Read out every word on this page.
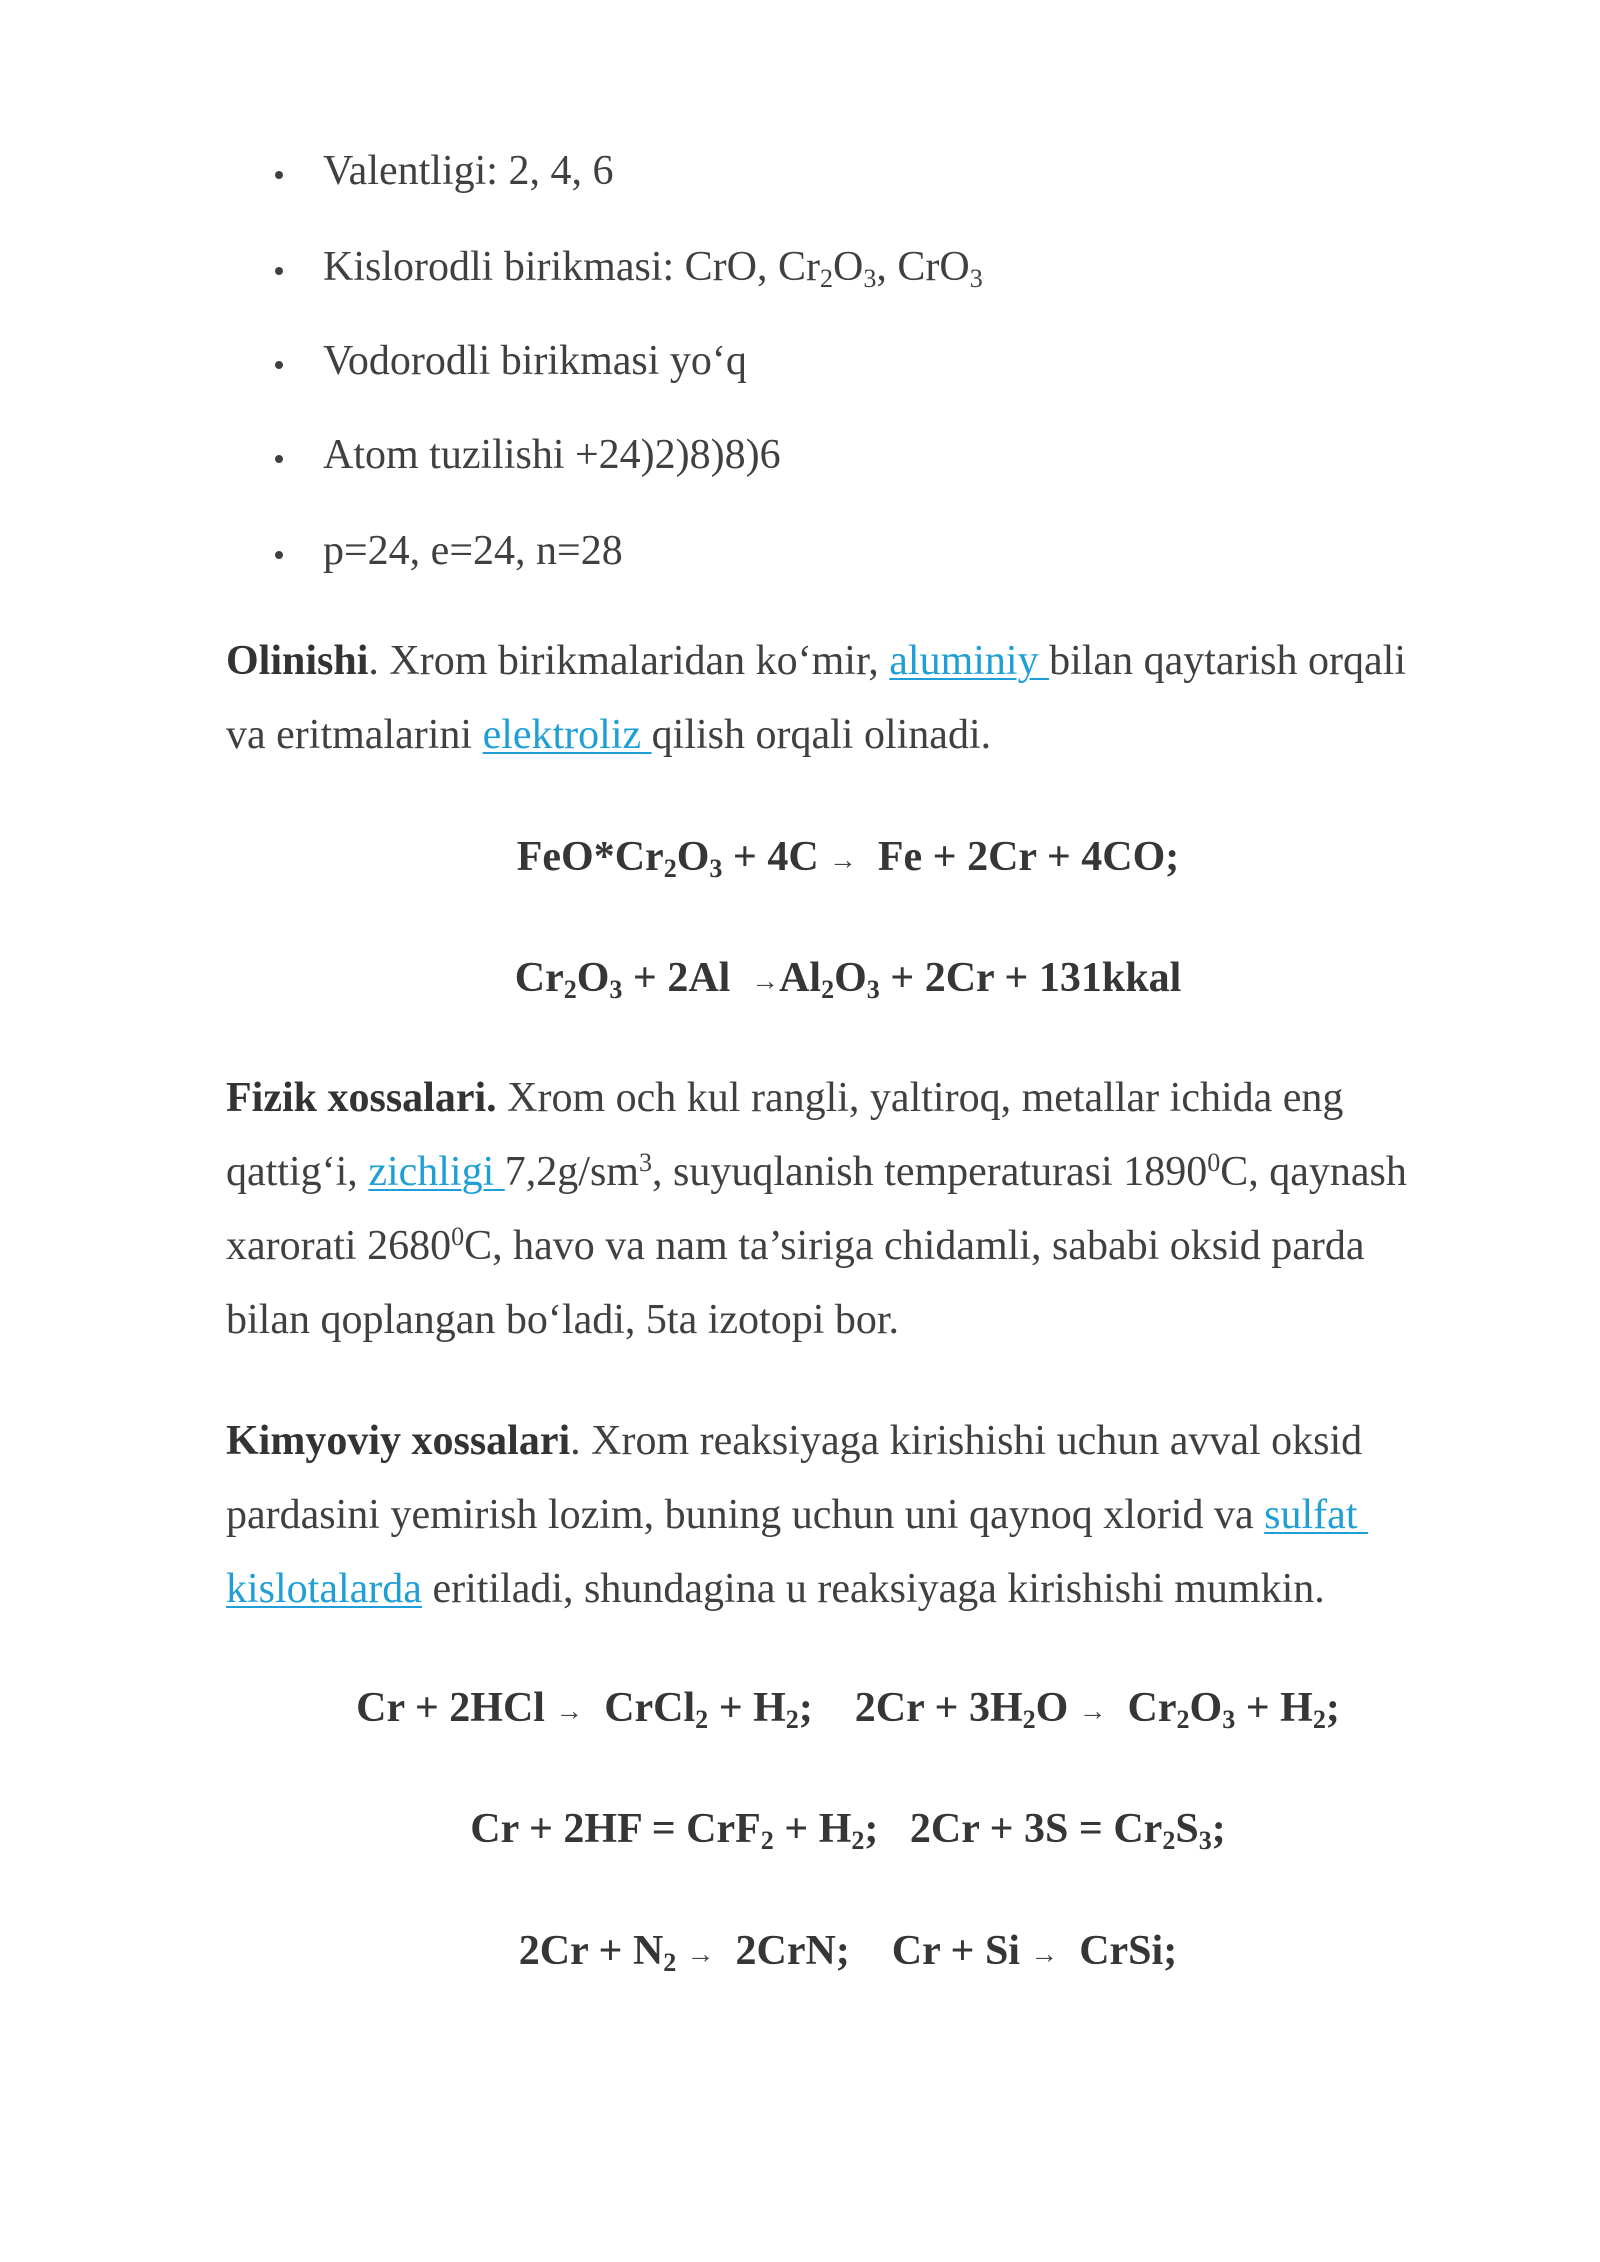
Valentligi: 2, 4, 6

Kislorodli birikmasi: CrO, Cr2O3, CrO3

Vodorodli birikmasi yo‘q

Atom tuzilishi +24)2)8)8)6

p=24, e=24, n=28

Olinishi. Xrom birikmalaridan ko‘mir, aluminiy bilan qaytarish orqali
va eritmalarini elektroliz qilish orqali olinadi.
FeO*Cr2O3 + 4C →  Fe + 2Cr + 4CO;
Cr2O3 + 2Al  →Al2O3 + 2Cr + 131kkal
Fizik xossalari. Xrom och kul rangli, yaltiroq, metallar ichida eng
qattig‘i, zichligi $7,2g/sm^3$, suyuqlanish temperaturasi 1890$^0$C, qaynash
xarorati 2680$^0$C, havo va nam ta’siriga chidamli, sababi oksid parda
bilan qoplangan bo‘ladi, 5ta izotopi bor.
Kimyoviy xossalari. Xrom reaksiyaga kirishishi uchun avval oksid
pardasini yemirish lozim, buning uchun uni qaynoq xlorid va sulfat
kislotalarda eritiladi, shundagina u reaksiyaga kirishishi mumkin.
Cr + 2HCl →  CrCl2 + H2;    2Cr + 3H2O →  Cr2O3 + H2;
Cr + 2HF = CrF2 + H2;   2Cr + 3S = Cr2S3;
2Cr + N2 →  2CrN;    Cr + Si →  CrSi;
